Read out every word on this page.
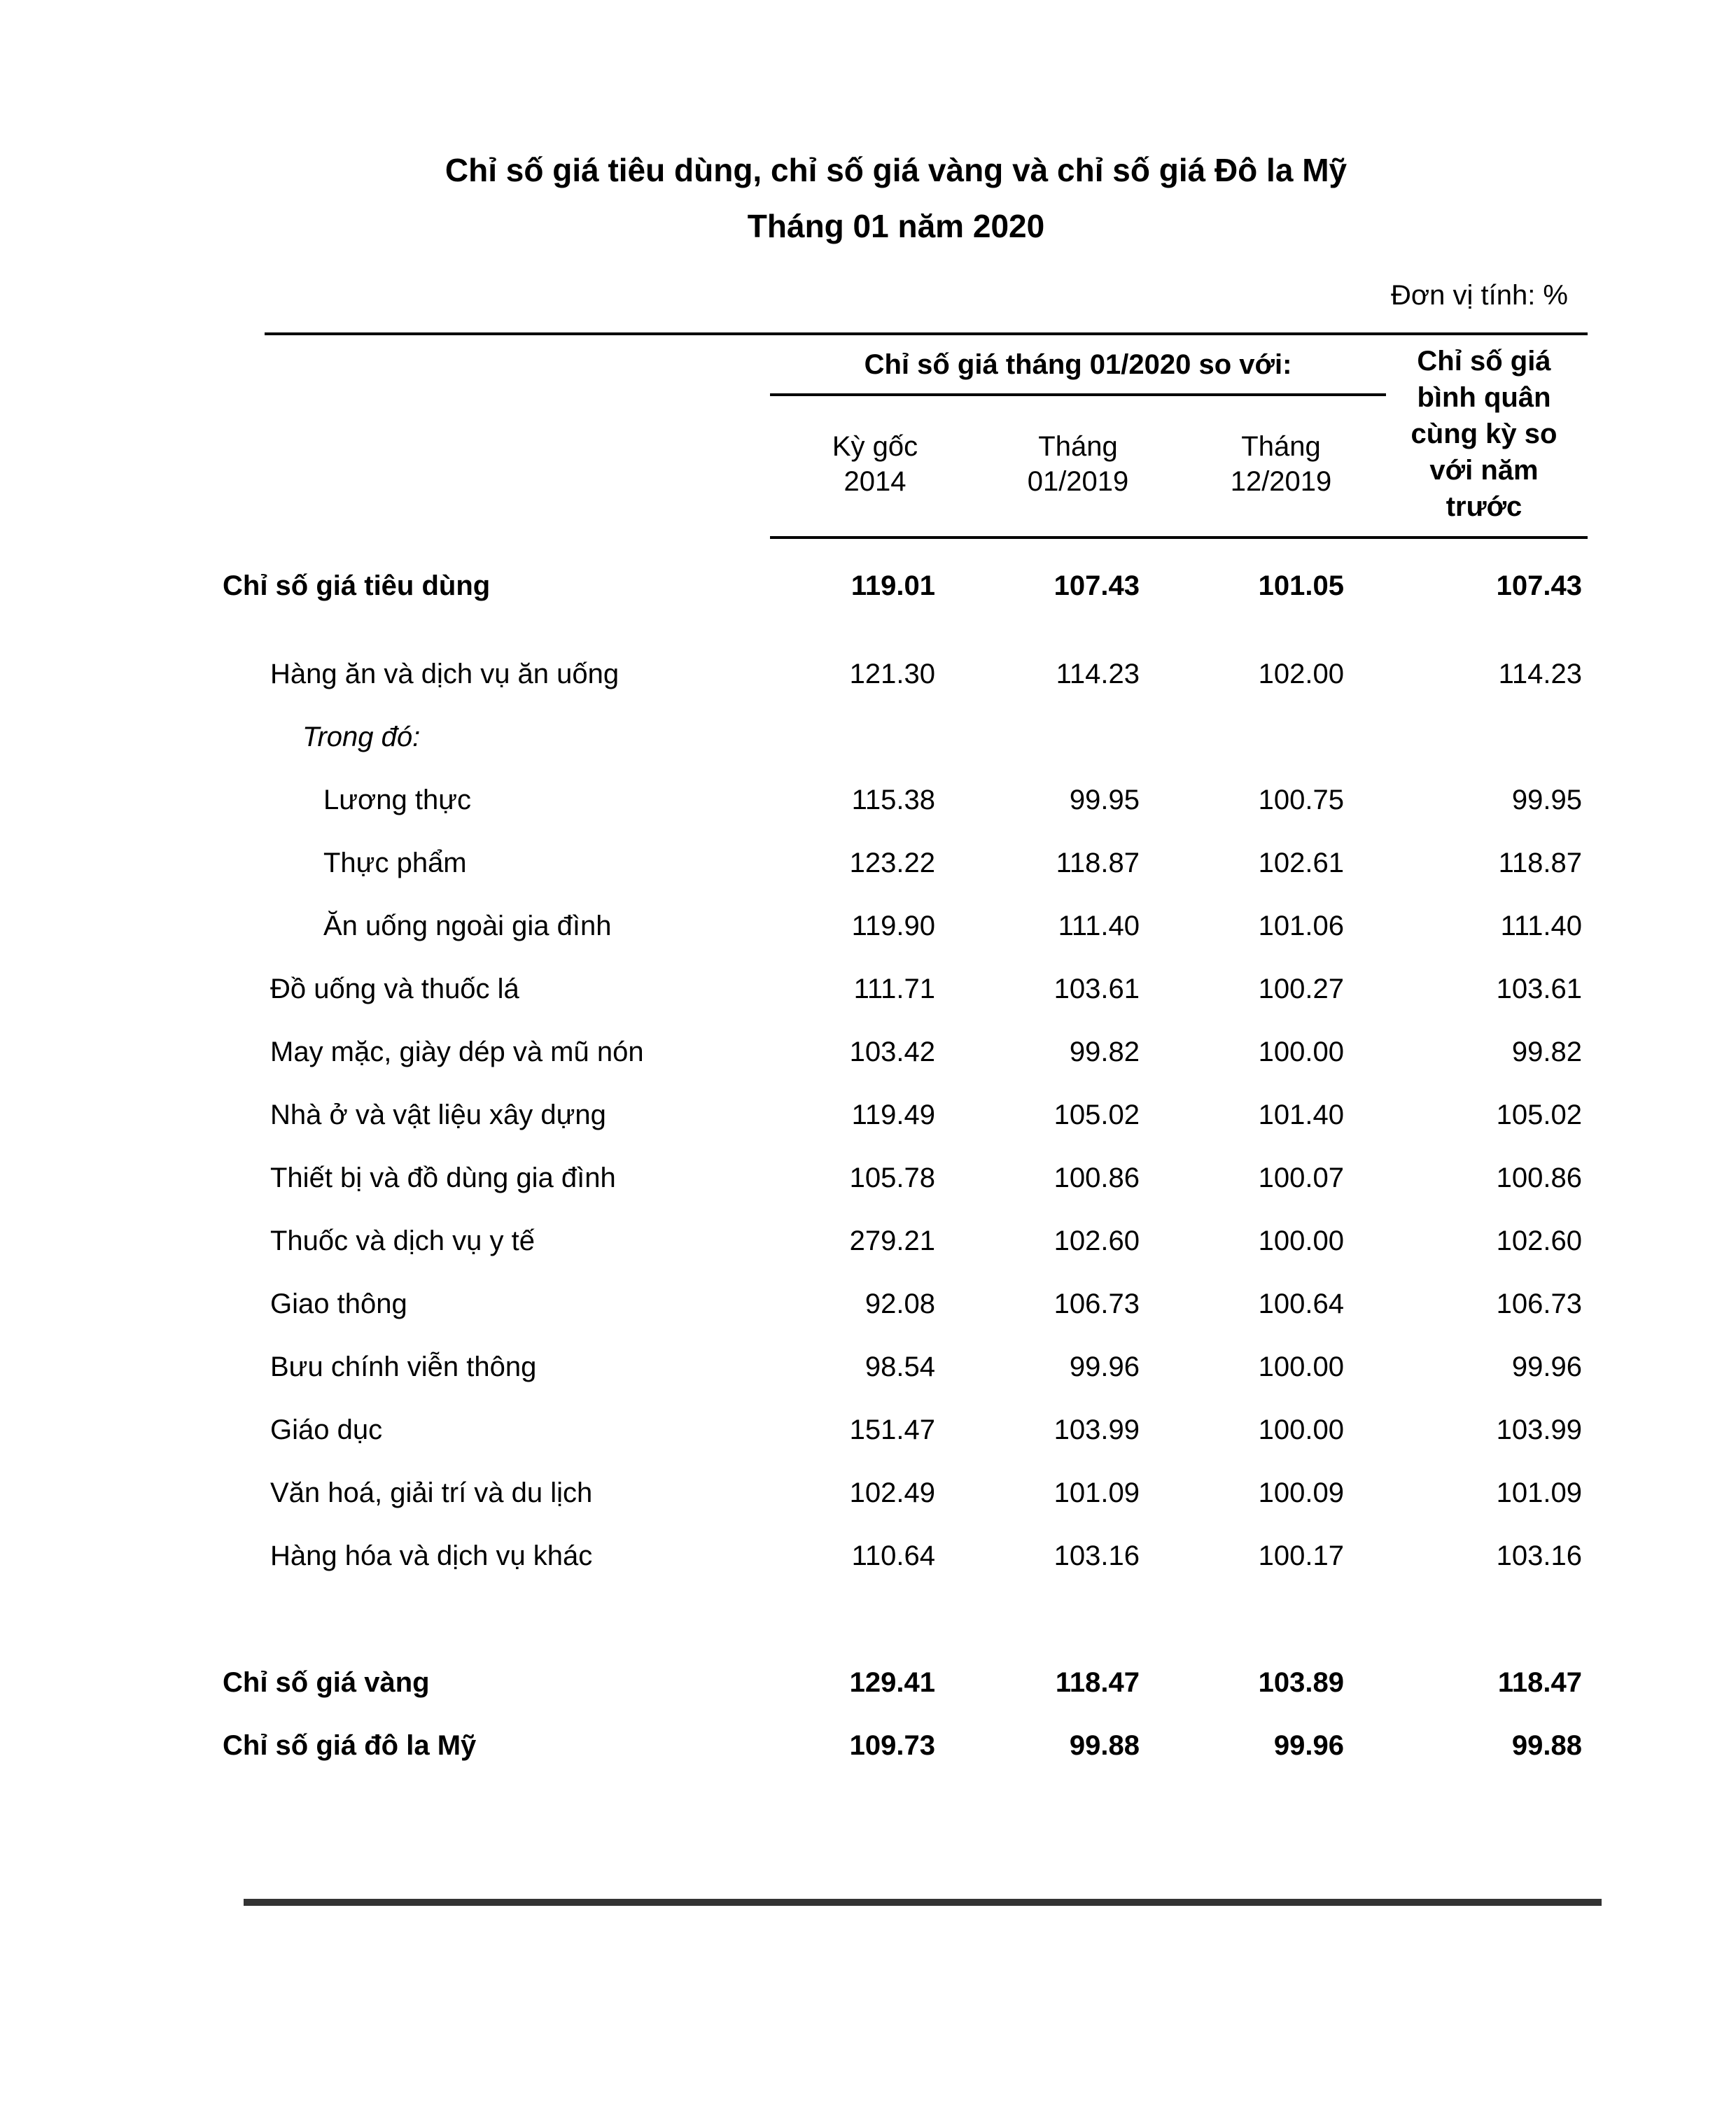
Chỉ số giá tiêu dùng, chỉ số giá vàng và chỉ số giá Đô la Mỹ
Tháng 01 năm 2020
Đơn vị tính: %
Chỉ số giá tháng 01/2020 so với:
Kỳ gốc
2014
Tháng
01/2019
Tháng
12/2019
Chỉ số giá
bình quân
cùng kỳ so
với năm
trước
Chỉ số giá tiêu dùng	119.01	107.43	101.05	107.43
Hàng ăn và dịch vụ ăn uống	121.30	114.23	102.00	114.23
Trong đó:
Lương thực	115.38	99.95	100.75	99.95
Thực phẩm	123.22	118.87	102.61	118.87
Ăn uống ngoài gia đình	119.90	111.40	101.06	111.40
Đồ uống và thuốc lá	111.71	103.61	100.27	103.61
May mặc, giày dép và mũ nón	103.42	99.82	100.00	99.82
Nhà ở và vật liệu xây dựng	119.49	105.02	101.40	105.02
Thiết bị và đồ dùng gia đình	105.78	100.86	100.07	100.86
Thuốc và dịch vụ y tế	279.21	102.60	100.00	102.60
Giao thông	92.08	106.73	100.64	106.73
Bưu chính viễn thông	98.54	99.96	100.00	99.96
Giáo dục	151.47	103.99	100.00	103.99
Văn hoá, giải trí và du lịch	102.49	101.09	100.09	101.09
Hàng hóa và dịch vụ khác	110.64	103.16	100.17	103.16
Chỉ số giá vàng	129.41	118.47	103.89	118.47
Chỉ số giá đô la Mỹ	109.73	99.88	99.96	99.88
